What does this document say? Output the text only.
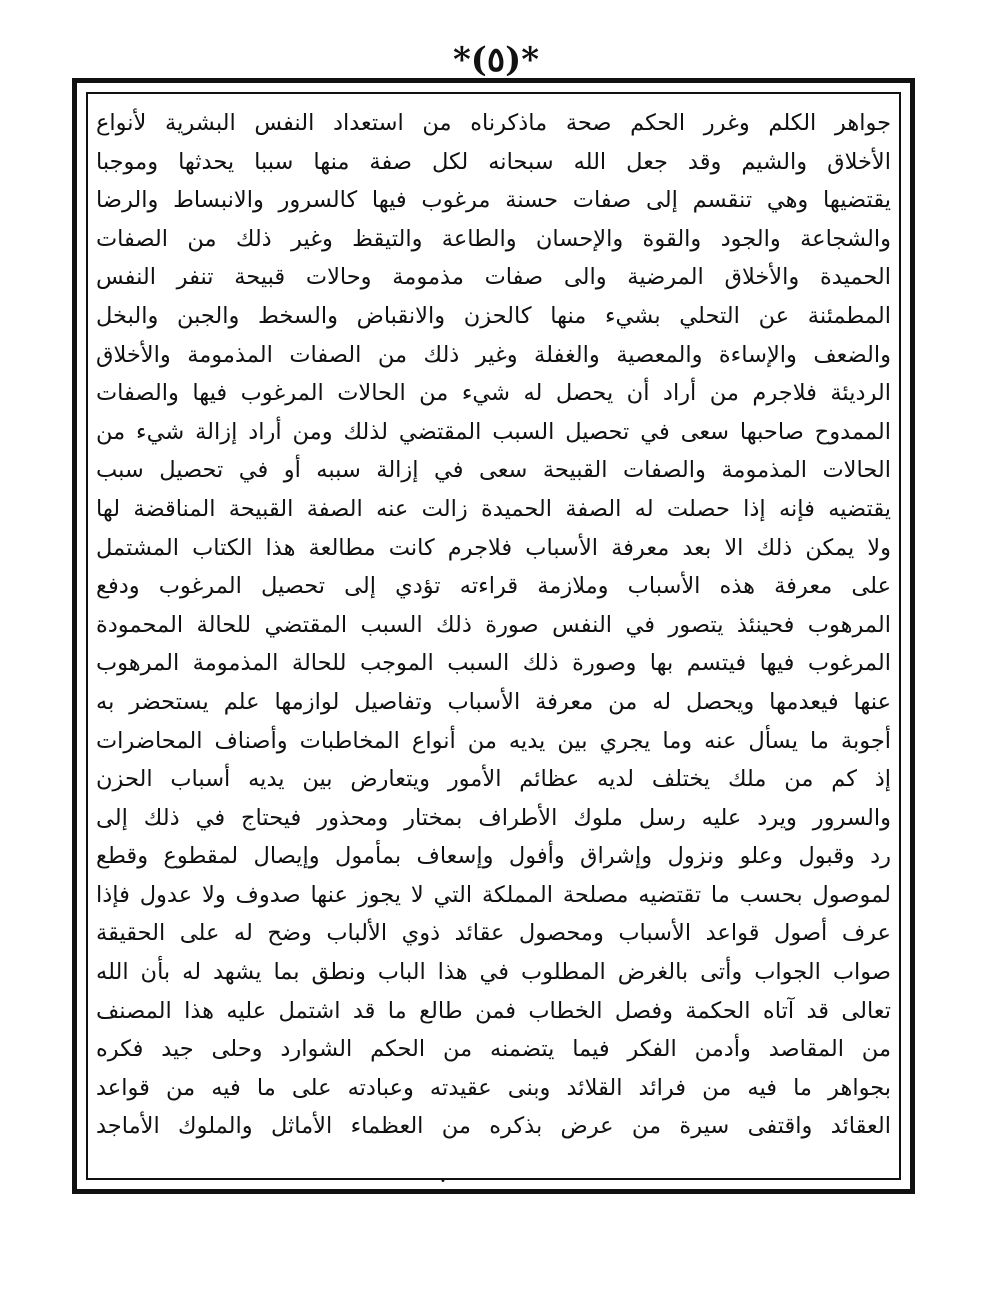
*(٥)*
جواهر الكلم وغرر الحكم صحة ماذكرناه من استعداد النفس البشرية لأنواع
الأخلاق والشيم وقد جعل الله سبحانه لكل صفة منها سببا يحدثها وموجبا
يقتضيها وهي تنقسم إلى صفات حسنة مرغوب فيها كالسرور والانبساط والرضا
والشجاعة والجود والقوة والإحسان والطاعة والتيقظ وغير ذلك من الصفات
الحميدة والأخلاق المرضية والى صفات مذمومة وحالات قبيحة تنفر النفس
المطمئنة عن التحلي بشيء منها كالحزن والانقباض والسخط والجبن والبخل
والضعف والإساءة والمعصية والغفلة وغير ذلك من الصفات المذمومة والأخلاق
الرديئة فلاجرم من أراد أن يحصل له شيء من الحالات المرغوب فيها والصفات
الممدوح صاحبها سعى في تحصيل السبب المقتضي لذلك ومن أراد إزالة شيء من
الحالات المذمومة والصفات القبيحة سعى في إزالة سببه أو في تحصيل سبب
يقتضيه فإنه إذا حصلت له الصفة الحميدة زالت عنه الصفة القبيحة المناقضة لها
ولا يمكن ذلك الا بعد معرفة الأسباب فلاجرم كانت مطالعة هذا الكتاب المشتمل
على معرفة هذه الأسباب وملازمة قراءته تؤدي إلى تحصيل المرغوب ودفع
المرهوب فحينئذ يتصور في النفس صورة ذلك السبب المقتضي للحالة المحمودة
المرغوب فيها فيتسم بها وصورة ذلك السبب الموجب للحالة المذمومة المرهوب
عنها فيعدمها ويحصل له من معرفة الأسباب وتفاصيل لوازمها علم يستحضر به
أجوبة ما يسأل عنه وما يجري بين يديه من أنواع المخاطبات وأصناف المحاضرات
إذ كم من ملك يختلف لديه عظائم الأمور ويتعارض بين يديه أسباب الحزن
والسرور ويرد عليه رسل ملوك الأطراف بمختار ومحذور فيحتاج في ذلك إلى
رد وقبول وعلو ونزول وإشراق وأفول وإسعاف بمأمول وإيصال لمقطوع وقطع
لموصول بحسب ما تقتضيه مصلحة المملكة التي لا يجوز عنها صدوف ولا عدول فإذا
عرف أصول قواعد الأسباب ومحصول عقائد ذوي الألباب وضح له على الحقيقة
صواب الجواب وأتى بالغرض المطلوب في هذا الباب ونطق بما يشهد له بأن الله
تعالى قد آتاه الحكمة وفصل الخطاب فمن طالع ما قد اشتمل عليه هذا المصنف
من المقاصد وأدمن الفكر فيما يتضمنه من الحكم الشوارد وحلى جيد فكره
بجواهر ما فيه من فرائد القلائد وبنى عقيدته وعبادته على ما فيه من قواعد
العقائد واقتفى سيرة من عرض بذكره من العظماء الأماثل والملوك الأماجد
•
